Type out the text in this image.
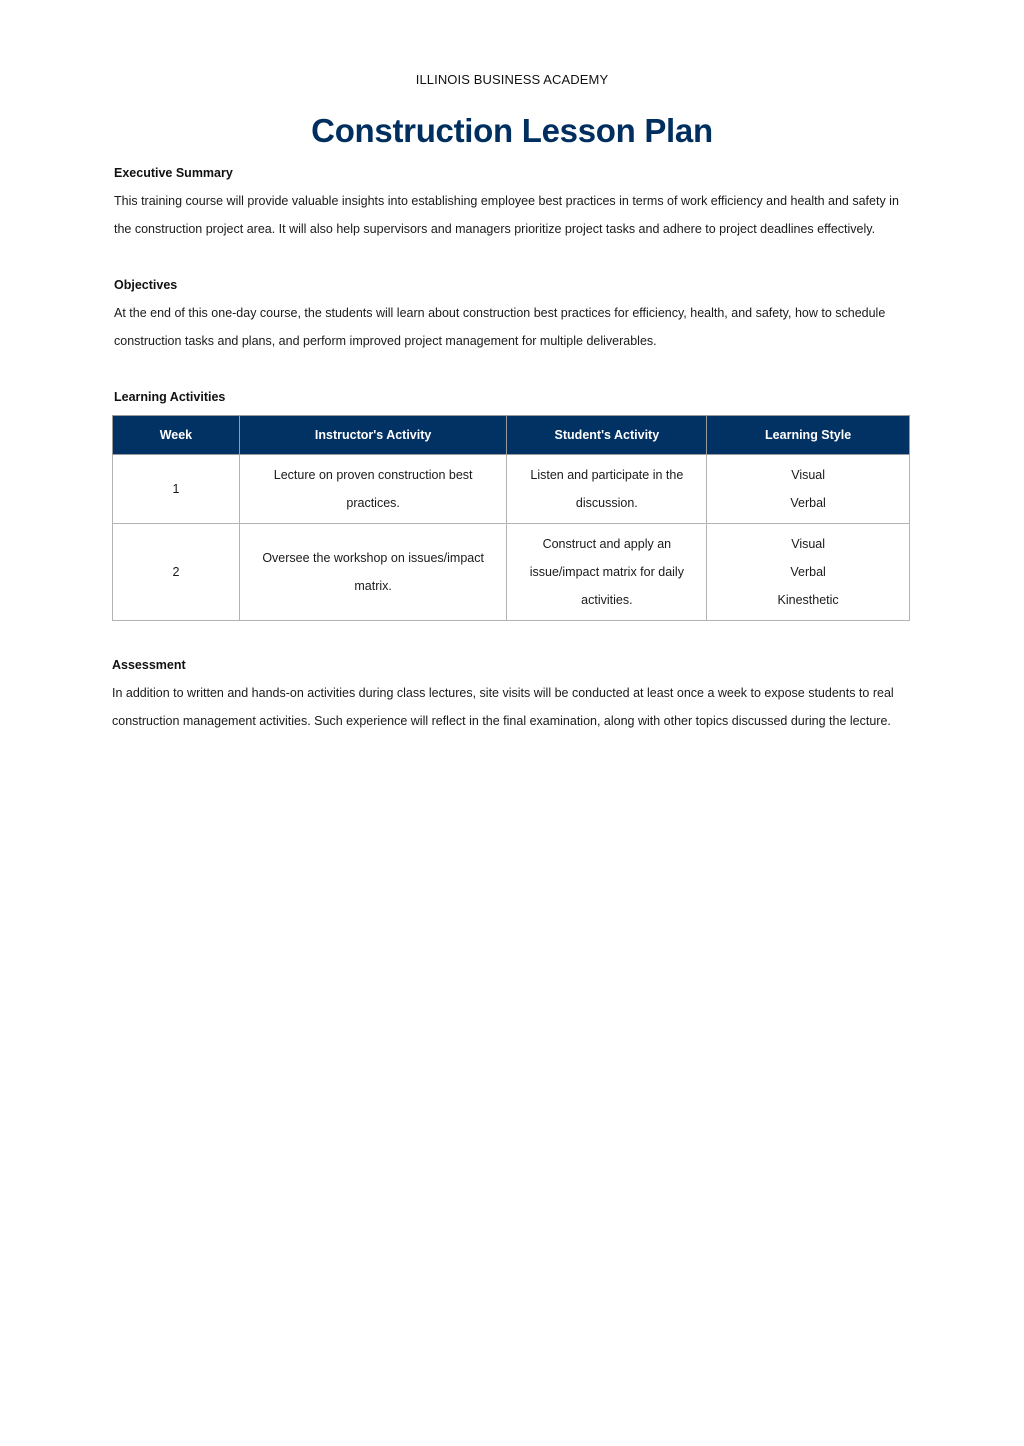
ILLINOIS BUSINESS ACADEMY
Construction Lesson Plan
Executive Summary
This training course will provide valuable insights into establishing employee best practices in terms of work efficiency and health and safety in the construction project area. It will also help supervisors and managers prioritize project tasks and adhere to project deadlines effectively.
Objectives
At the end of this one-day course, the students will learn about construction best practices for efficiency, health, and safety, how to schedule construction tasks and plans, and perform improved project management for multiple deliverables.
Learning Activities
Week	Instructor's Activity	Student's Activity	Learning Style
1	Lecture on proven construction best practices.	Listen and participate in the discussion.	Visual
Verbal

2	Oversee the workshop on issues/impact matrix.	Construct and apply an issue/impact matrix for daily activities.	Visual
Verbal
Kinesthetic
Assessment
In addition to written and hands-on activities during class lectures, site visits will be conducted at least once a week to expose students to real construction management activities. Such experience will reflect in the final examination, along with other topics discussed during the lecture.
